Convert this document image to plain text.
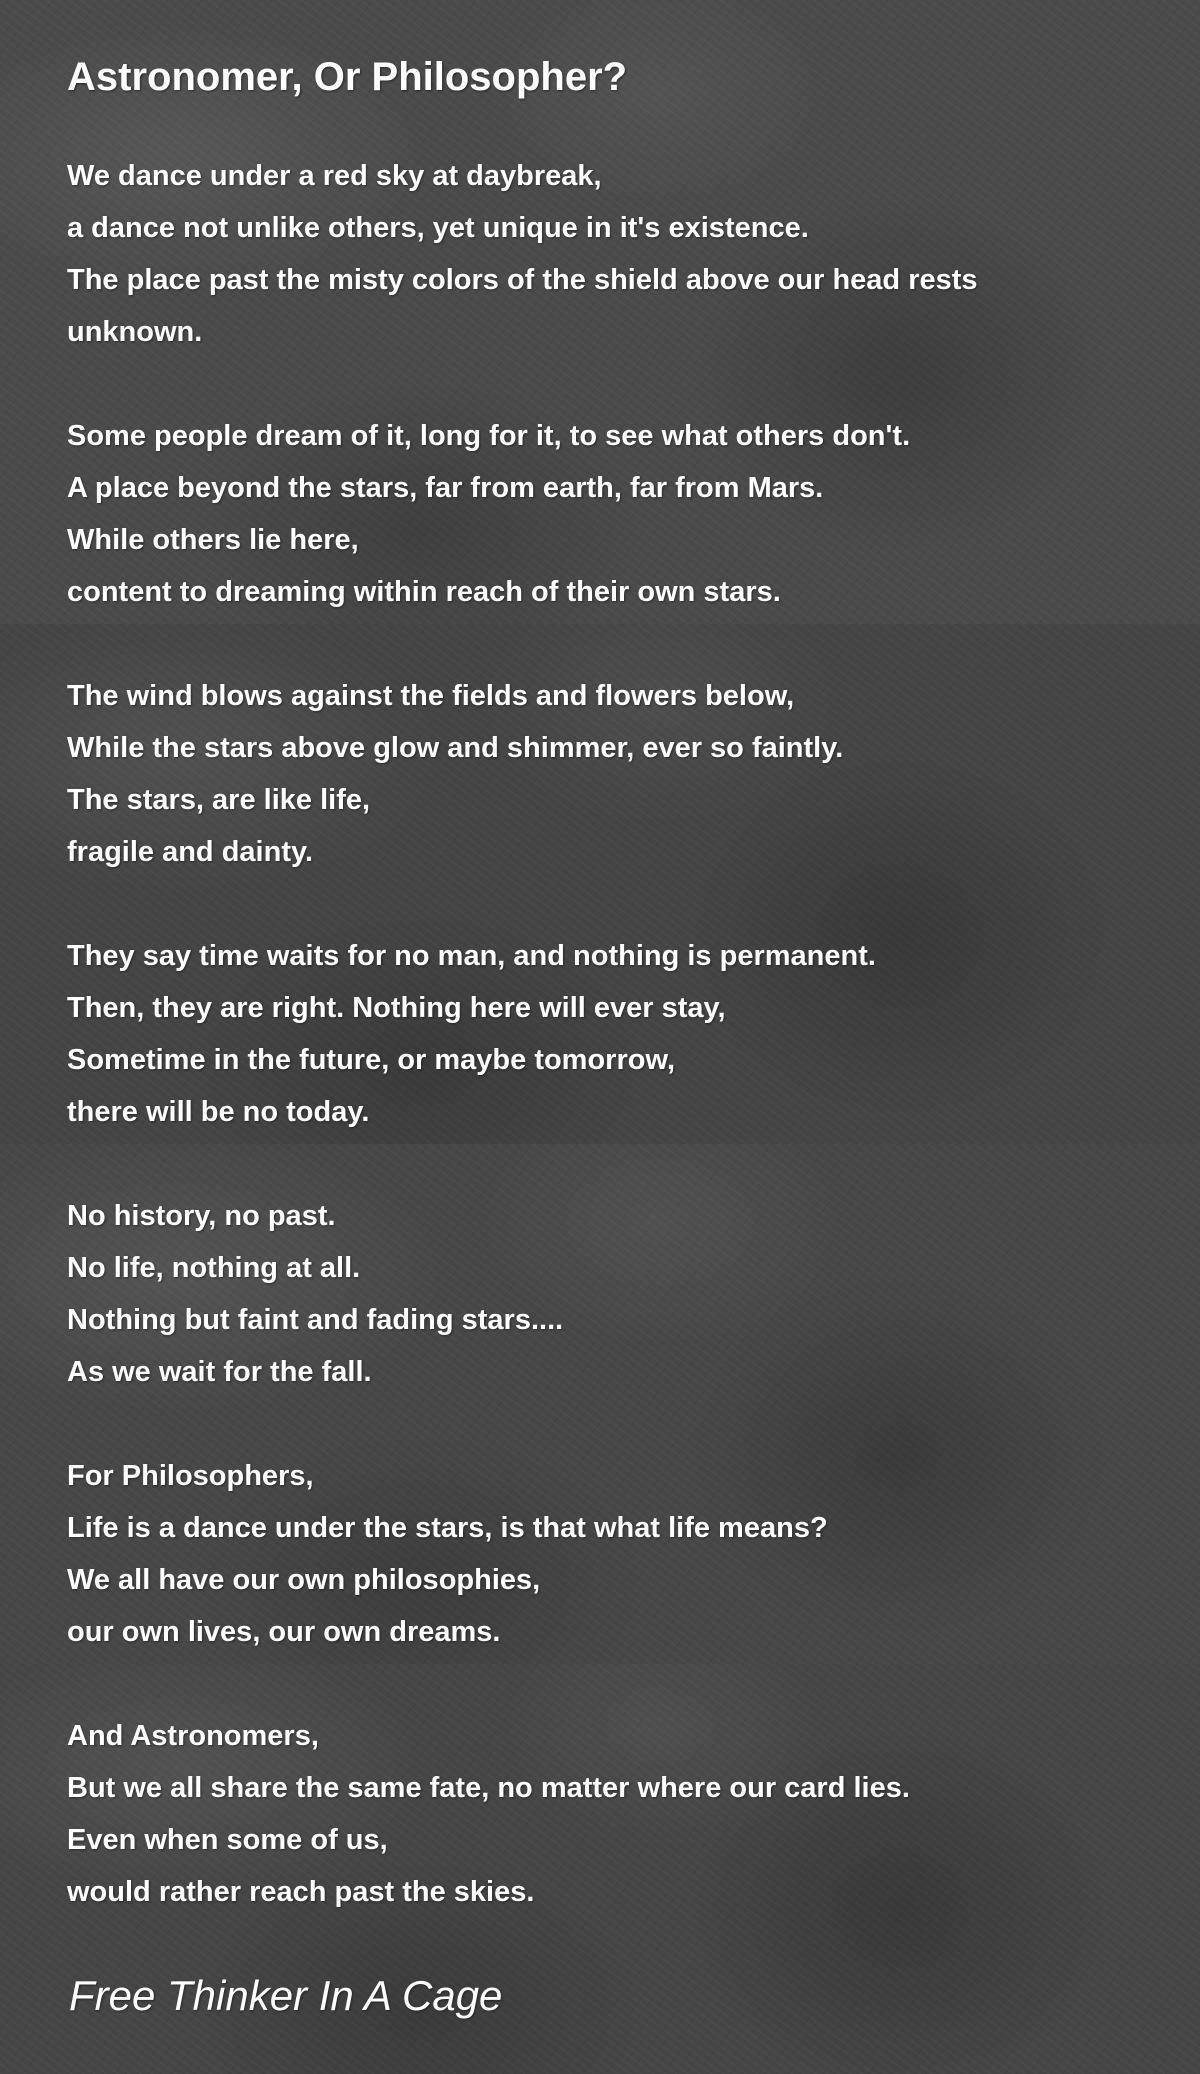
Astronomer, Or Philosopher?
We dance under a red sky at daybreak,
a dance not unlike others, yet unique in it's existence.
The place past the misty colors of the shield above our head rests
unknown.
Some people dream of it, long for it, to see what others don't.
A place beyond the stars, far from earth, far from Mars.
While others lie here,
content to dreaming within reach of their own stars.
The wind blows against the fields and flowers below,
While the stars above glow and shimmer, ever so faintly.
The stars, are like life,
fragile and dainty.
They say time waits for no man, and nothing is permanent.
Then, they are right. Nothing here will ever stay,
Sometime in the future, or maybe tomorrow,
there will be no today.
No history, no past.
No life, nothing at all.
Nothing but faint and fading stars....
As we wait for the fall.
For Philosophers,
Life is a dance under the stars, is that what life means?
We all have our own philosophies,
our own lives, our own dreams.
And Astronomers,
But we all share the same fate, no matter where our card lies.
Even when some of us,
would rather reach past the skies.

Free Thinker In A Cage
